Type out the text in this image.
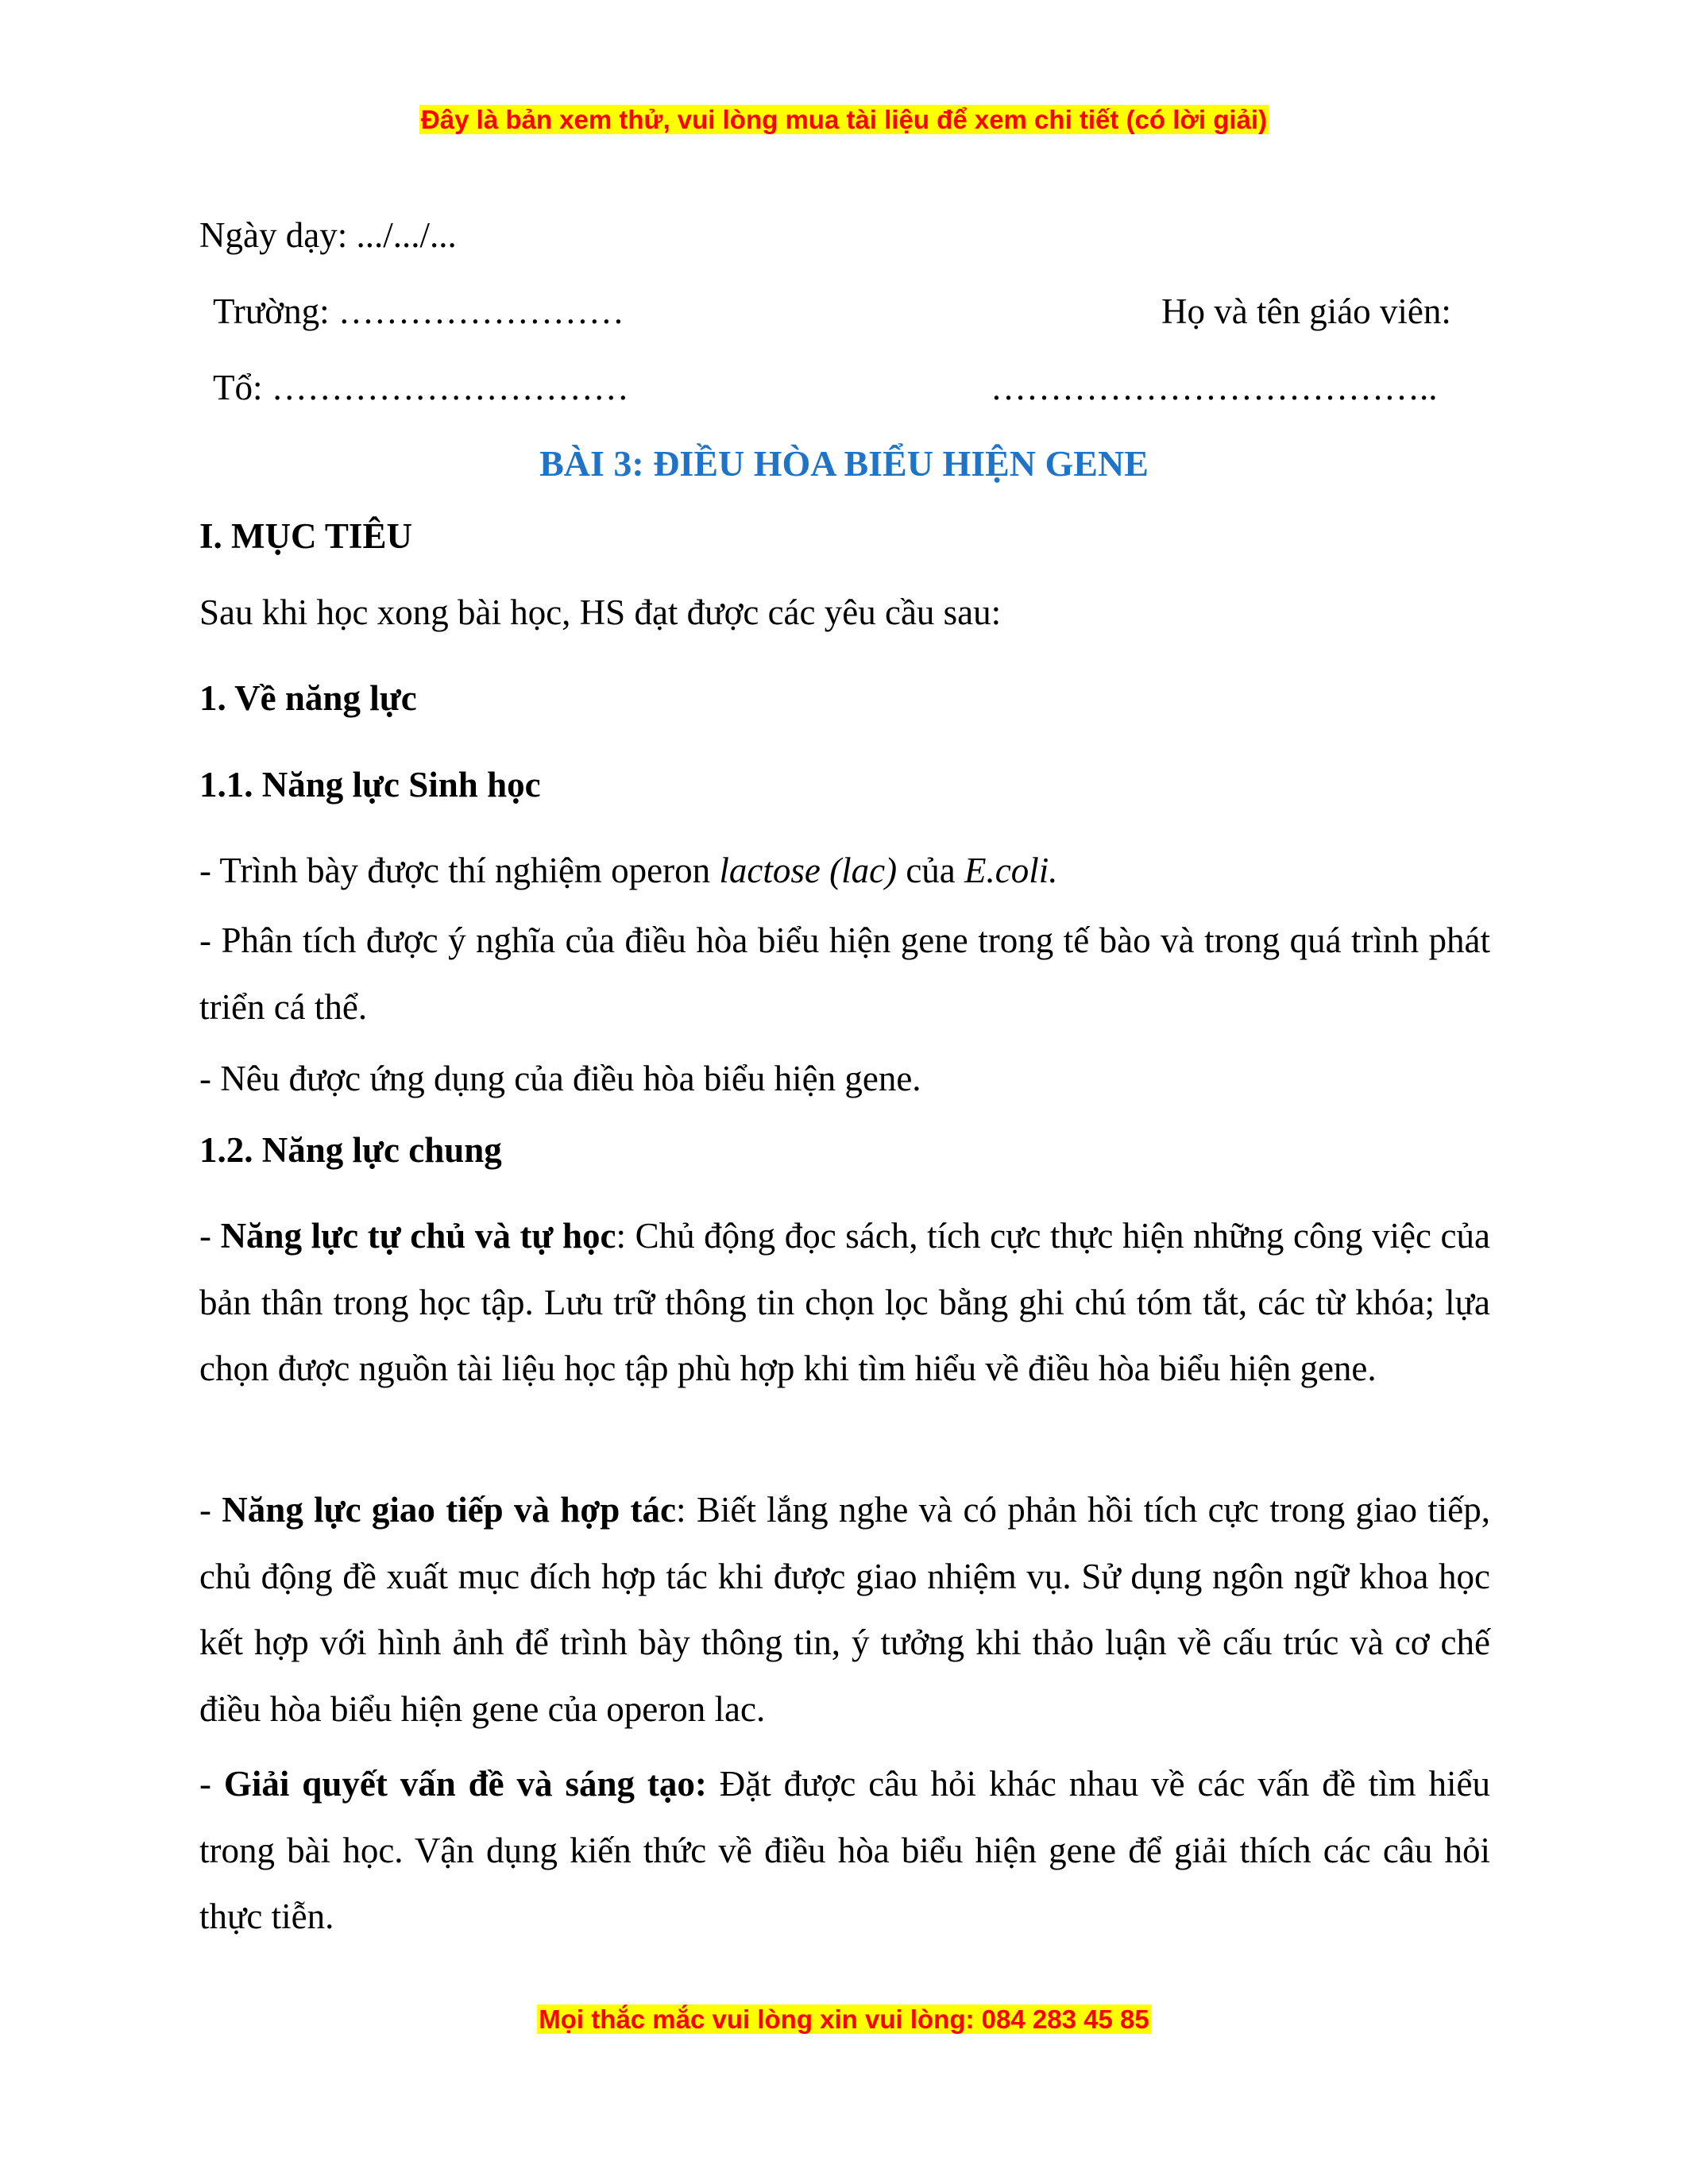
Đây là bản xem thử, vui lòng mua tài liệu để xem chi tiết (có lời giải)
Ngày dạy: .../.../...
Trường: ……………………	Họ và tên giáo viên:
Tổ: …………………………	………………………………..
BÀI 3: ĐIỀU HÒA BIỂU HIỆN GENE
I. MỤC TIÊU
Sau khi học xong bài học, HS đạt được các yêu cầu sau:
1. Về năng lực
1.1. Năng lực Sinh học
- Trình bày được thí nghiệm operon lactose (lac) của E.coli.
- Phân tích được ý nghĩa của điều hòa biểu hiện gene trong tế bào và trong quá trình phát triển cá thể.
- Nêu được ứng dụng của điều hòa biểu hiện gene.
1.2. Năng lực chung
- Năng lực tự chủ và tự học: Chủ động đọc sách, tích cực thực hiện những công việc của bản thân trong học tập. Lưu trữ thông tin chọn lọc bằng ghi chú tóm tắt, các từ khóa; lựa chọn được nguồn tài liệu học tập phù hợp khi tìm hiểu về điều hòa biểu hiện gene.
- Năng lực giao tiếp và hợp tác: Biết lắng nghe và có phản hồi tích cực trong giao tiếp, chủ động đề xuất mục đích hợp tác khi được giao nhiệm vụ. Sử dụng ngôn ngữ khoa học kết hợp với hình ảnh để trình bày thông tin, ý tưởng khi thảo luận về cấu trúc và cơ chế điều hòa biểu hiện gene của operon lac.
- Giải quyết vấn đề và sáng tạo: Đặt được câu hỏi khác nhau về các vấn đề tìm hiểu trong bài học. Vận dụng kiến thức về điều hòa biểu hiện gene để giải thích các câu hỏi thực tiễn.
Mọi thắc mắc vui lòng xin vui lòng: 084 283 45 85
